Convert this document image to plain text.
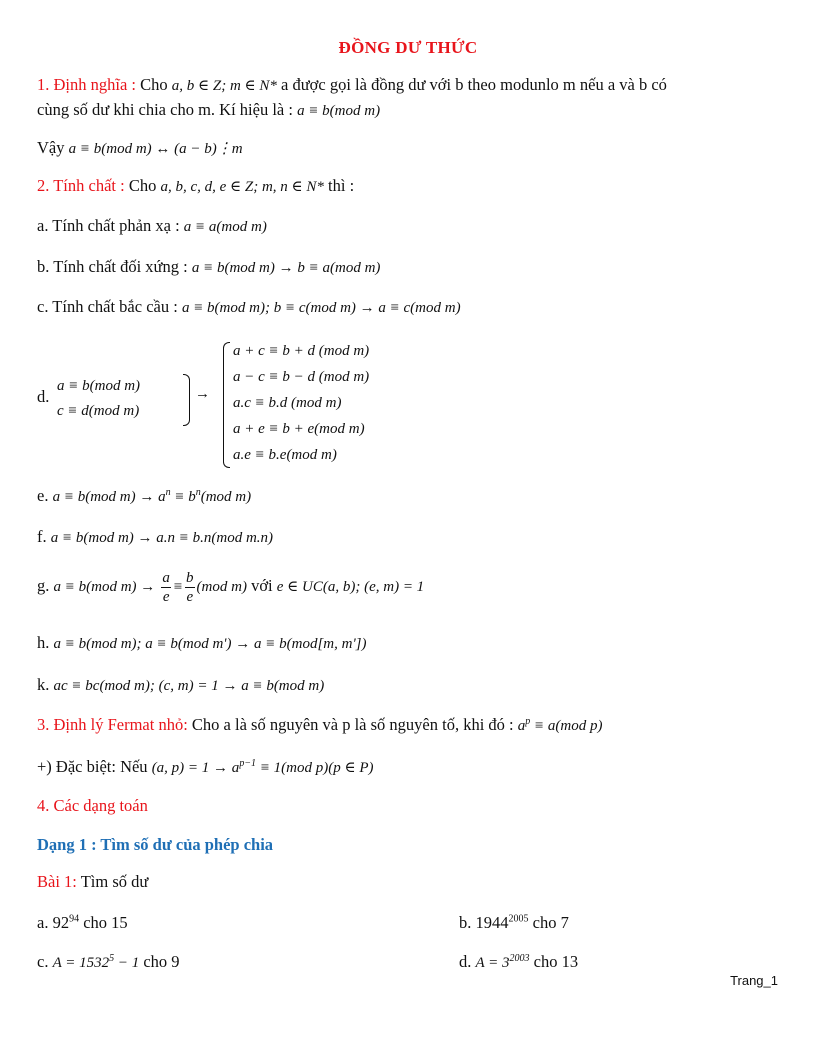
ĐỒNG DƯ THỨC
1. Định nghĩa : Cho a, b ∈ Z; m ∈ N* a được gọi là đồng dư với b theo modunlo m nếu a và b có
cùng số dư khi chia cho m. Kí hiệu là : a ≡ b(mod m)
Vậy a ≡ b(mod m) ↔ (a − b)⋮m
2. Tính chất : Cho a, b, c, d, e ∈ Z; m, n ∈ N* thì :
a. Tính chất phản xạ : a ≡ a(mod m)
b. Tính chất đối xứng : a ≡ b(mod m) → b ≡ a(mod m)
c. Tính chất bắc cầu : a ≡ b(mod m); b ≡ c(mod m) → a ≡ c(mod m)
d.
a ≡ b(mod m)
c ≡ d(mod m)
→
a + c ≡ b + d (mod m)
a − c ≡ b − d (mod m)
a.c ≡ b.d (mod m)
a + e ≡ b + e(mod m)
a.e ≡ b.e(mod m)
e. a ≡ b(mod $m) \to a^n \equiv b^n(mod$ m)
f. a ≡ b(mod m) → a.n ≡ b.n(mod m.n)
g. a ≡ b(mod $m) \to \frac{a}{e} \equiv \frac{b}{e} (mod$ m) với e ∈ UC(a, b); (e, m) = 1
h. a ≡ b(mod m); a ≡ b(mod m') → a ≡ b(mod[m, m'])
k. ac ≡ bc(mod m); (c, m) = 1 → a ≡ b(mod m)
3. Định lý Fermat nhỏ: Cho a là số nguyên và p là số nguyên tố, khi đó : $a^p \equiv a(mod$ p)
+) Đặc biệt: Nếu (a, $p) = 1 \to a^{p-1} \equiv 1(mod$ p)(p ∈ P)
4. Các dạng toán
Dạng 1 : Tìm số dư của phép chia
Bài 1: Tìm số dư
a. $92^{94}$ cho 15	b. $1944^{2005}$ cho 7
c. $A = 1532^5 - 1$ cho 9	d. $A = 3^{2003}$ cho 13
Trang_1
